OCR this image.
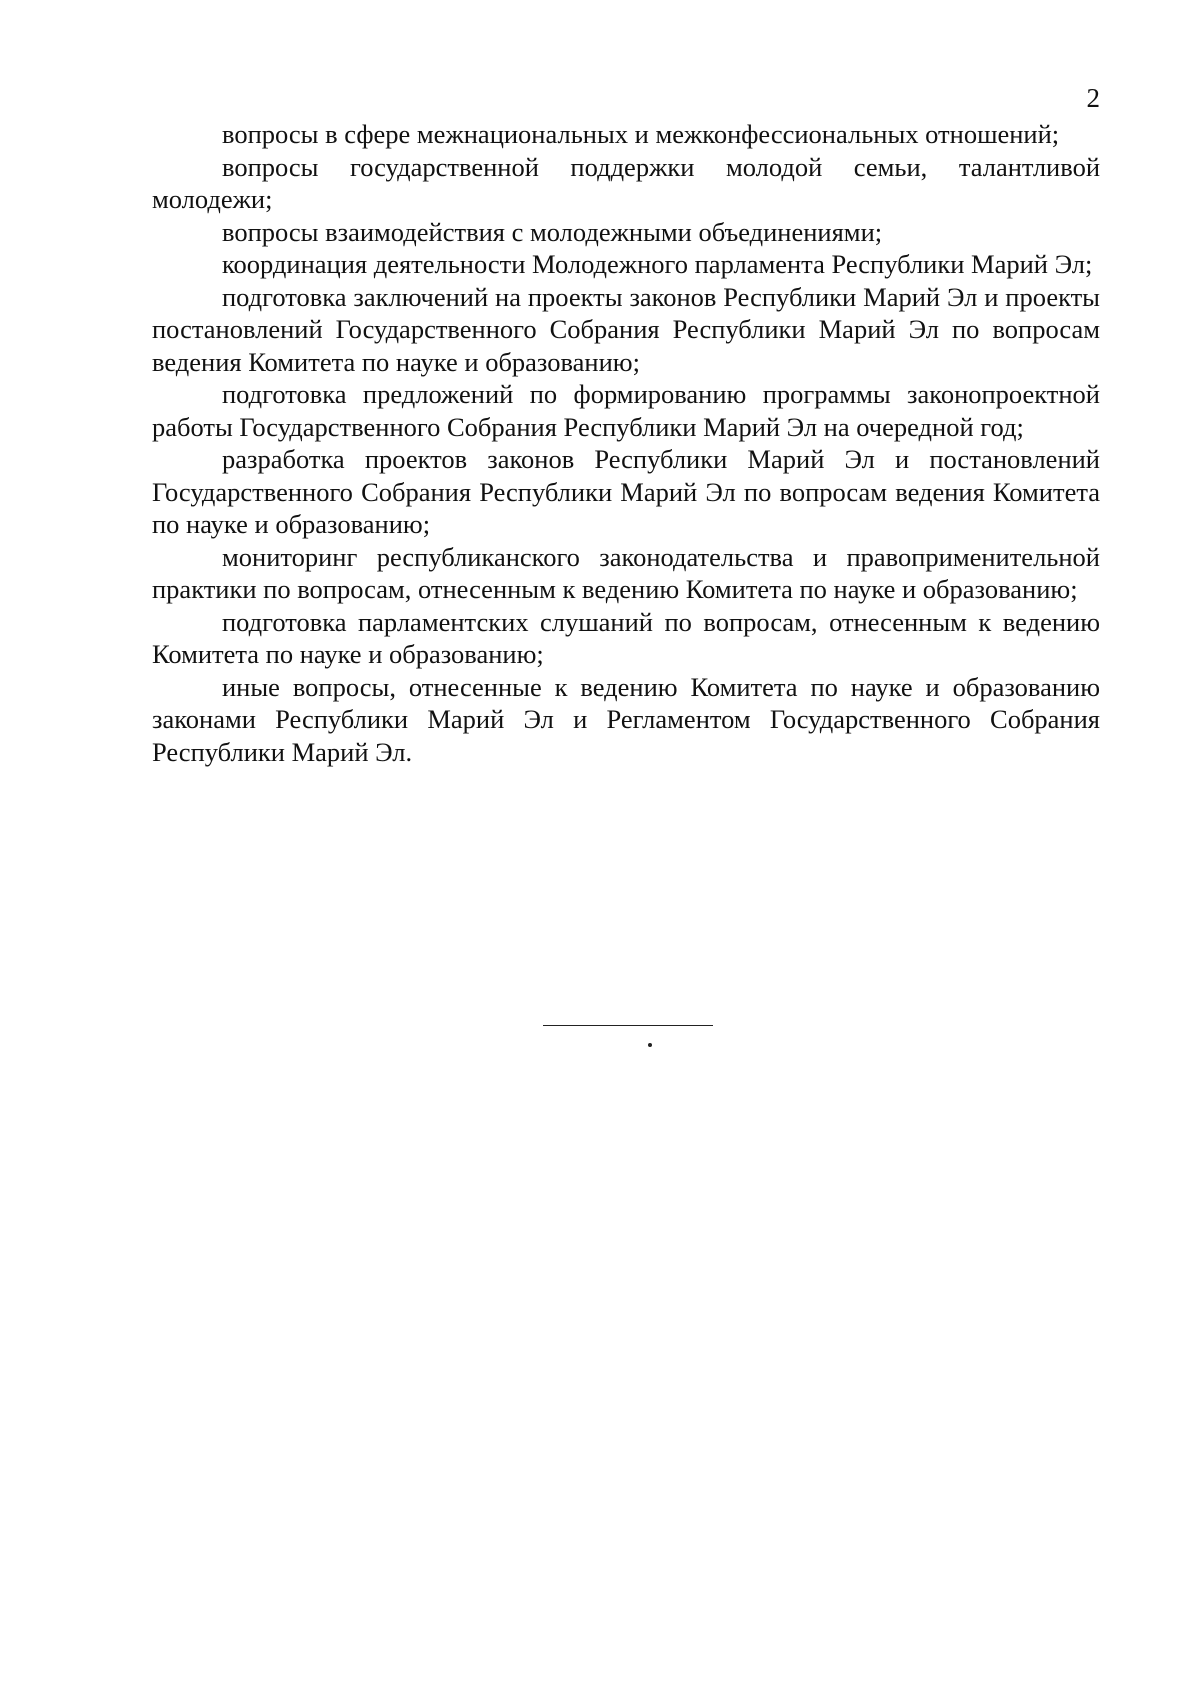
2

вопросы в сфере межнациональных и межконфессиональных отношений;

вопросы государственной поддержки молодой семьи, талантливой молодежи;

вопросы взаимодействия с молодежными объединениями;

координация деятельности Молодежного парламента Республики Марий Эл;

подготовка заключений на проекты законов Республики Марий Эл и проекты постановлений Государственного Собрания Республики Марий Эл по вопросам ведения Комитета по науке и образованию;

подготовка предложений по формированию программы законопроектной работы Государственного Собрания Республики Марий Эл на очередной год;

разработка проектов законов Республики Марий Эл и постановлений Государственного Собрания Республики Марий Эл по вопросам ведения Комитета по науке и образованию;

мониторинг республиканского законодательства и правоприменительной практики по вопросам, отнесенным к ведению Комитета по науке и образованию;

подготовка парламентских слушаний по вопросам, отнесенным к ведению Комитета по науке и образованию;

иные вопросы, отнесенные к ведению Комитета по науке и образованию законами Республики Марий Эл и Регламентом Государственного Собрания Республики Марий Эл.
